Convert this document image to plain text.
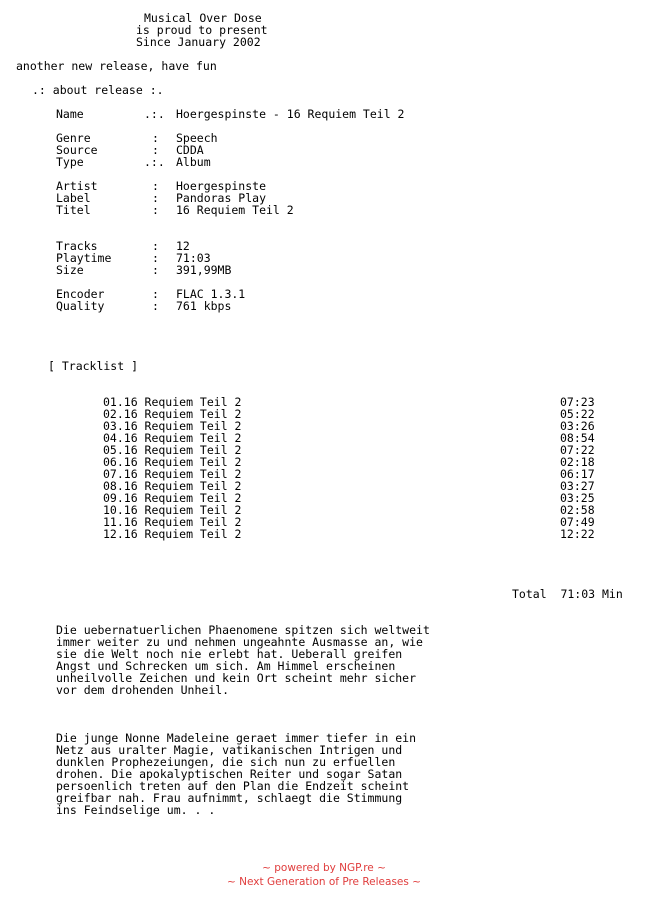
Musical Over Dose
is proud to present
Since January 2002
another new release, have fun
.: about release :.
Name	.:. Hoergespinste - 16 Requiem Teil 2
Genre	: Speech
Source	: CDDA
Type	.:. Album
Artist	: Hoergespinste
Label	: Pandoras Play
Titel	: 16 Requiem Teil 2
Tracks	: 12
Playtime	: 71:03
Size	: 391,99MB
Encoder	: FLAC 1.3.1
Quality	: 761 kbps
[ Tracklist ]
01.16 Requiem Teil 2	07:23
02.16 Requiem Teil 2	05:22
03.16 Requiem Teil 2	03:26
04.16 Requiem Teil 2	08:54
05.16 Requiem Teil 2	07:22
06.16 Requiem Teil 2	02:18
07.16 Requiem Teil 2	06:17
08.16 Requiem Teil 2	03:27
09.16 Requiem Teil 2	03:25
10.16 Requiem Teil 2	02:58
11.16 Requiem Teil 2	07:49
12.16 Requiem Teil 2	12:22
Total  71:03 Min
Die uebernatuerlichen Phaenomene spitzen sich weltweit
immer weiter zu und nehmen ungeahnte Ausmasse an, wie
sie die Welt noch nie erlebt hat. Ueberall greifen
Angst und Schrecken um sich. Am Himmel erscheinen
unheilvolle Zeichen und kein Ort scheint mehr sicher
vor dem drohenden Unheil.
Die junge Nonne Madeleine geraet immer tiefer in ein
Netz aus uralter Magie, vatikanischen Intrigen und
dunklen Prophezeiungen, die sich nun zu erfuellen
drohen. Die apokalyptischen Reiter und sogar Satan
persoenlich treten auf den Plan die Endzeit scheint
greifbar nah. Frau aufnimmt, schlaegt die Stimmung
ins Feindselige um. . .
~ powered by NGP.re ~
~ Next Generation of Pre Releases ~
